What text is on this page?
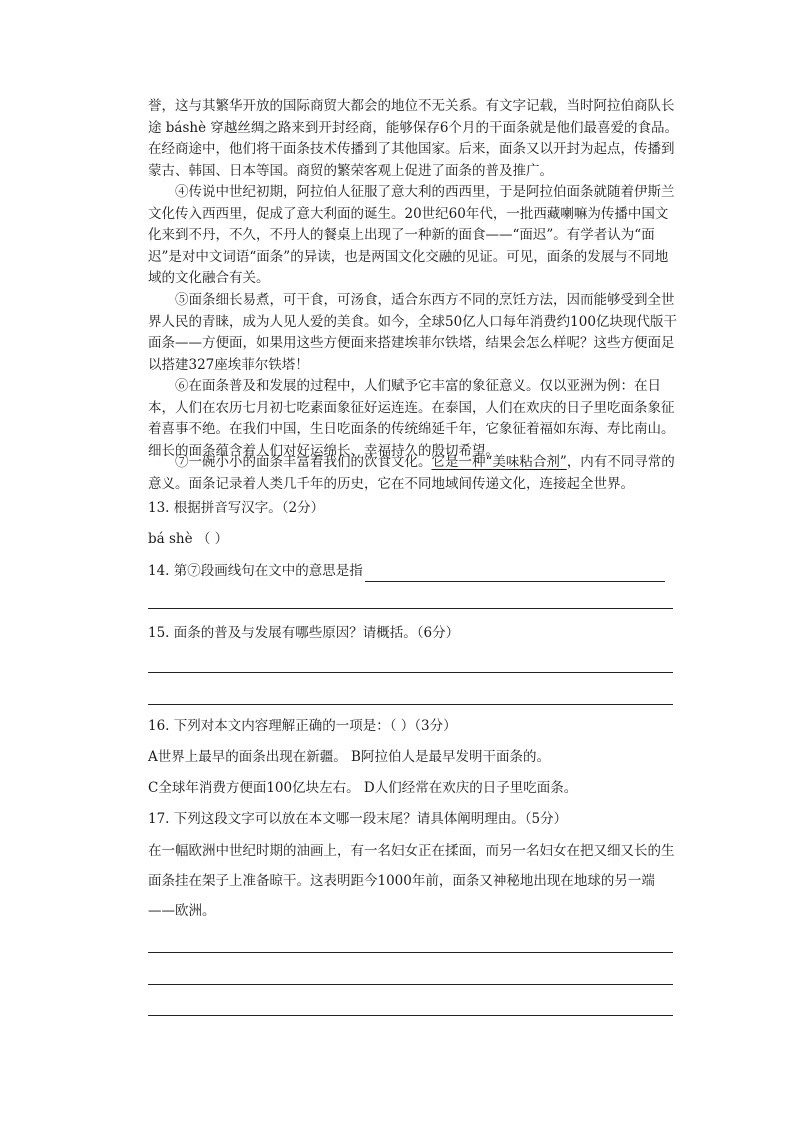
誉，这与其繁华开放的国际商贸大都会的地位不无关系。有文字记载，当时阿拉伯商队长途 báshè 穿越丝绸之路来到开封经商，能够保存6个月的干面条就是他们最喜爱的食品。在经商途中，他们将干面条技术传播到了其他国家。后来，面条又以开封为起点，传播到蒙古、韩国、日本等国。商贸的繁荣客观上促进了面条的普及推广。

④传说中世纪初期，阿拉伯人征服了意大利的西西里，于是阿拉伯面条就随着伊斯兰文化传入西西里，促成了意大利面的诞生。20世纪60年代，一批西藏喇嘛为传播中国文化来到不丹，不久，不丹人的餐桌上出现了一种新的面食——“面迟”。有学者认为“面迟”是对中文词语“面条”的异读，也是两国文化交融的见证。可见，面条的发展与不同地域的文化融合有关。

⑤面条细长易煮，可干食，可汤食，适合东西方不同的烹饪方法，因而能够受到全世界人民的青睐，成为人见人爱的美食。如今，全球50亿人口每年消费约100亿块现代版干面条——方便面，如果用这些方便面来搭建埃菲尔铁塔，结果会怎么样呢？这些方便面足以搭建327座埃菲尔铁塔！

⑥在面条普及和发展的过程中，人们赋予它丰富的象征意义。仅以亚洲为例：在日本，人们在农历七月初七吃素面象征好运连连。在泰国，人们在欢庆的日子里吃面条象征着喜事不绝。在我们中国，生日吃面条的传统绵延千年，它象征着福如东海、寿比南山。细长的面条蕴含着人们对好运绵长、幸福持久的殷切希望。

⑦一碗小小的面条丰富着我们的饮食文化。它是一种“美味粘合剂”，内有不同寻常的意义。面条记录着人类几千年的历史，它在不同地域间传递文化，连接起全世界。

13. 根据拼音写汉字。（2分）
bá shè （ ）
14. 第⑦段画线句在文中的意思是指
15. 面条的普及与发展有哪些原因？请概括。（6分）
16. 下列对本文内容理解正确的一项是：（ ）（3分）
A世界上最早的面条出现在新疆。 B阿拉伯人是最早发明干面条的。
C全球年消费方便面100亿块左右。 D人们经常在欢庆的日子里吃面条。
17. 下列这段文字可以放在本文哪一段末尾？请具体阐明理由。（5分）

在一幅欧洲中世纪时期的油画上，有一名妇女正在揉面，而另一名妇女在把又细又长的生面条挂在架子上准备晾干。这表明距今1000年前，面条又神秘地出现在地球的另一端——欧洲。
